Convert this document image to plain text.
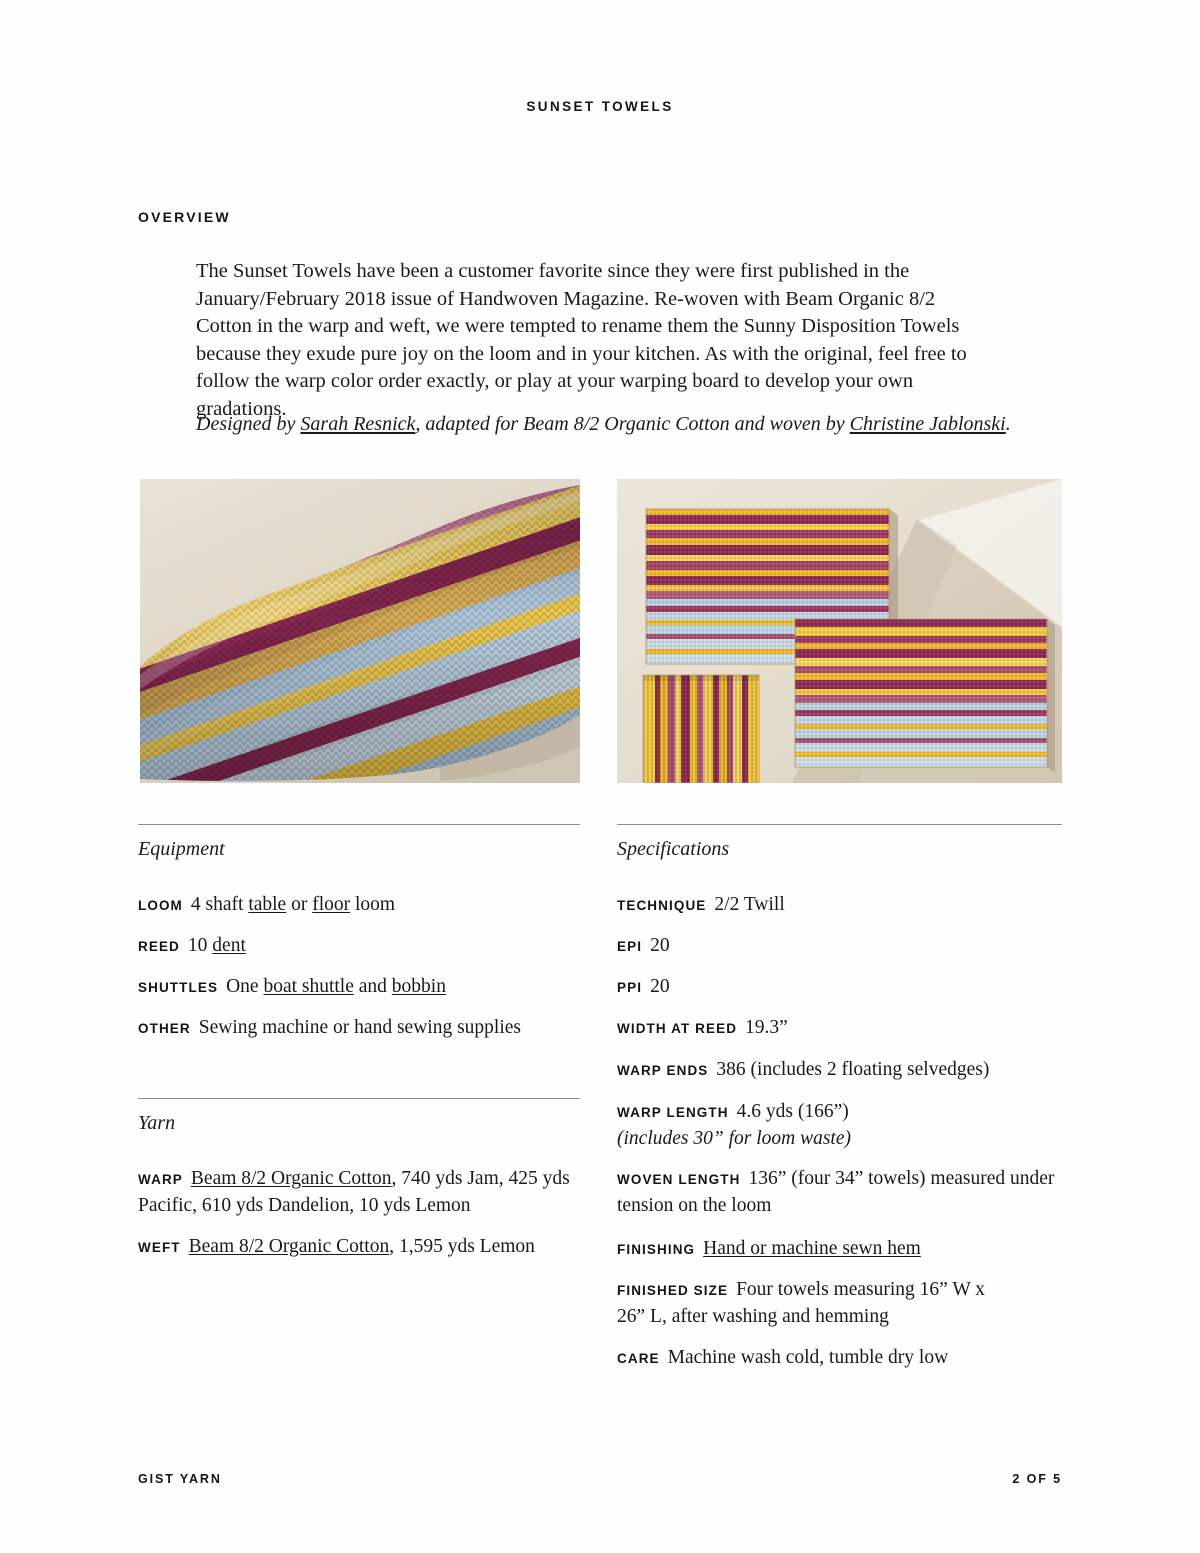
SUNSET TOWELS
OVERVIEW
The Sunset Towels have been a customer favorite since they were first published in the January/February 2018 issue of Handwoven Magazine. Re-woven with Beam Organic 8/2 Cotton in the warp and weft, we were tempted to rename them the Sunny Disposition Towels because they exude pure joy on the loom and in your kitchen. As with the original, feel free to follow the warp color order exactly, or play at your warping board to develop your own gradations.
Designed by Sarah Resnick, adapted for Beam 8/2 Organic Cotton and woven by Christine Jablonski.
Equipment
LOOM 4 shaft table or floor loom
REED 10 dent
SHUTTLES One boat shuttle and bobbin
OTHER Sewing machine or hand sewing supplies
Yarn
WARP Beam 8/2 Organic Cotton, 740 yds Jam, 425 yds Pacific, 610 yds Dandelion, 10 yds Lemon
WEFT Beam 8/2 Organic Cotton, 1,595 yds Lemon
Specifications
TECHNIQUE 2/2 Twill
EPI 20
PPI 20
WIDTH AT REED 19.3”
WARP ENDS 386 (includes 2 floating selvedges)
WARP LENGTH 4.6 yds (166”)
(includes 30” for loom waste)
WOVEN LENGTH 136” (four 34” towels) measured under tension on the loom
FINISHING Hand or machine sewn hem
FINISHED SIZE Four towels measuring 16” W x 26” L, after washing and hemming
CARE Machine wash cold, tumble dry low
GIST YARN	2 OF 5
